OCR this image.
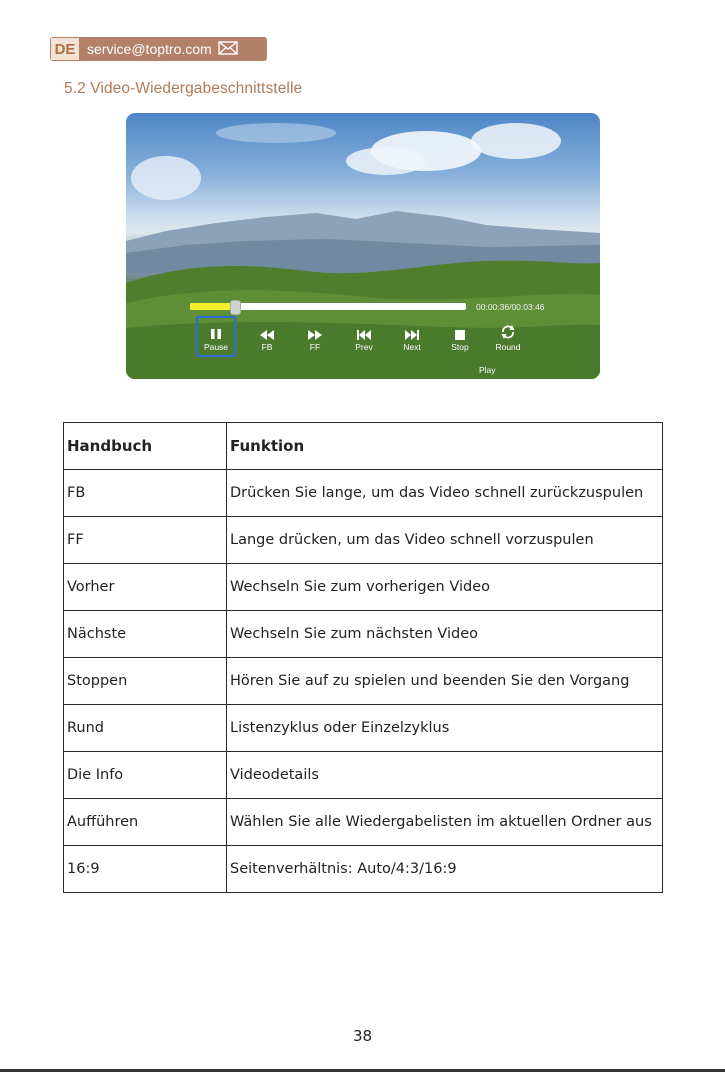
DE service@toptro.com
5.2 Video-Wiedergabeschnittstelle
00:00:36/00:03:46
Pause	FB	FF	Prev	Next	Stop	Round
Play
Handbuch	Funktion
FB	Drücken Sie lange, um das Video schnell zurückzuspulen
FF	Lange drücken, um das Video schnell vorzuspulen
Vorher	Wechseln Sie zum vorherigen Video
Nächste	Wechseln Sie zum nächsten Video
Stoppen	Hören Sie auf zu spielen und beenden Sie den Vorgang
Rund	Listenzyklus oder Einzelzyklus
Die Info	Videodetails
Aufführen	Wählen Sie alle Wiedergabelisten im aktuellen Ordner aus
16:9	Seitenverhältnis: Auto/4:3/16:9
38
